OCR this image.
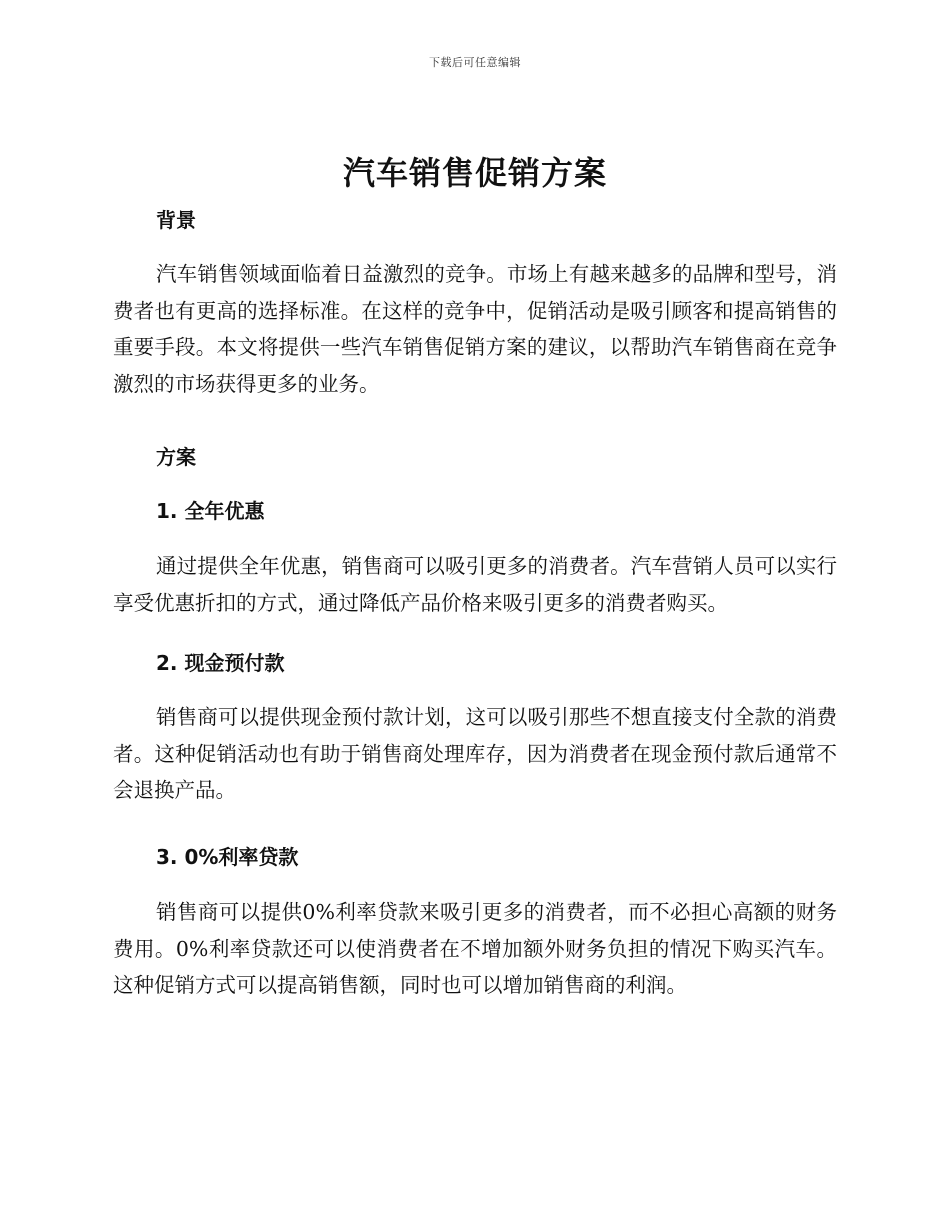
下载后可任意编辑
汽车销售促销方案
背景

汽车销售领域面临着日益激烈的竞争。市场上有越来越多的品牌和型号，消费者也有更高的选择标准。在这样的竞争中，促销活动是吸引顾客和提高销售的重要手段。本文将提供一些汽车销售促销方案的建议，以帮助汽车销售商在竞争激烈的市场获得更多的业务。

方案
1. 全年优惠

通过提供全年优惠，销售商可以吸引更多的消费者。汽车营销人员可以实行享受优惠折扣的方式，通过降低产品价格来吸引更多的消费者购买。

2. 现金预付款

销售商可以提供现金预付款计划，这可以吸引那些不想直接支付全款的消费者。这种促销活动也有助于销售商处理库存，因为消费者在现金预付款后通常不会退换产品。

3. 0%利率贷款

销售商可以提供0%利率贷款来吸引更多的消费者，而不必担心高额的财务费用。0%利率贷款还可以使消费者在不增加额外财务负担的情况下购买汽车。这种促销方式可以提高销售额，同时也可以增加销售商的利润。
